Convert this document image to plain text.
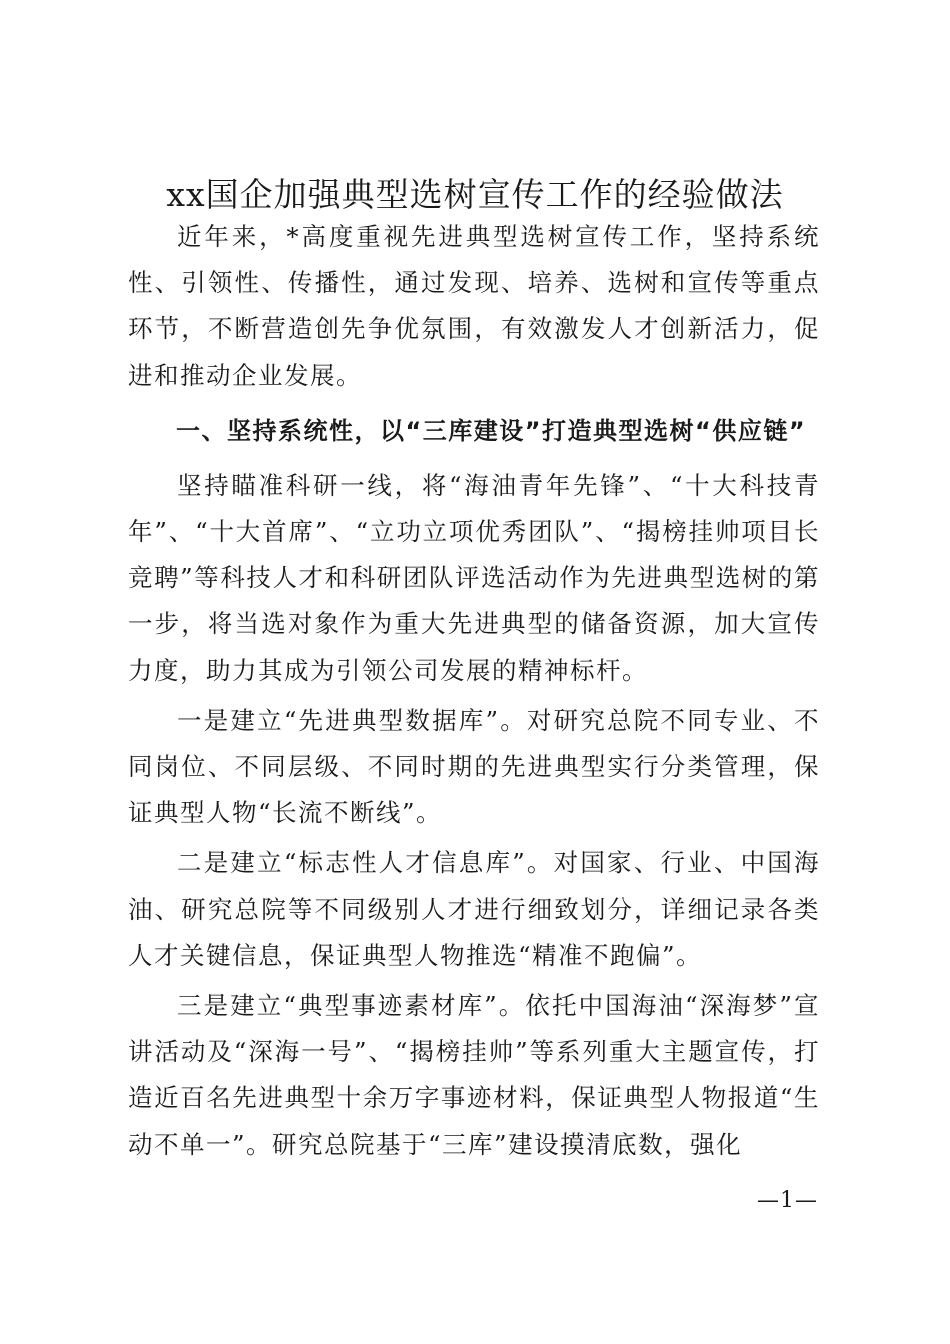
xx国企加强典型选树宣传工作的经验做法

近年来，*高度重视先进典型选树宣传工作，坚持系统性、引领性、传播性，通过发现、培养、选树和宣传等重点环节，不断营造创先争优氛围，有效激发人才创新活力，促进和推动企业发展。

一、坚持系统性，以“三库建设”打造典型选树“供应链”

坚持瞄准科研一线，将“海油青年先锋”、“十大科技青年”、“十大首席”、“立功立项优秀团队”、“揭榜挂帅项目长竞聘”等科技人才和科研团队评选活动作为先进典型选树的第一步，将当选对象作为重大先进典型的储备资源，加大宣传力度，助力其成为引领公司发展的精神标杆。

一是建立“先进典型数据库”。对研究总院不同专业、不同岗位、不同层级、不同时期的先进典型实行分类管理，保证典型人物“长流不断线”。

二是建立“标志性人才信息库”。对国家、行业、中国海油、研究总院等不同级别人才进行细致划分，详细记录各类人才关键信息，保证典型人物推选“精准不跑偏”。

三是建立“典型事迹素材库”。依托中国海油“深海梦”宣讲活动及“深海一号”、“揭榜挂帅”等系列重大主题宣传，打造近百名先进典型十余万字事迹材料，保证典型人物报道“生动不单一”。研究总院基于“三库”建设摸清底数，强化

—1—
